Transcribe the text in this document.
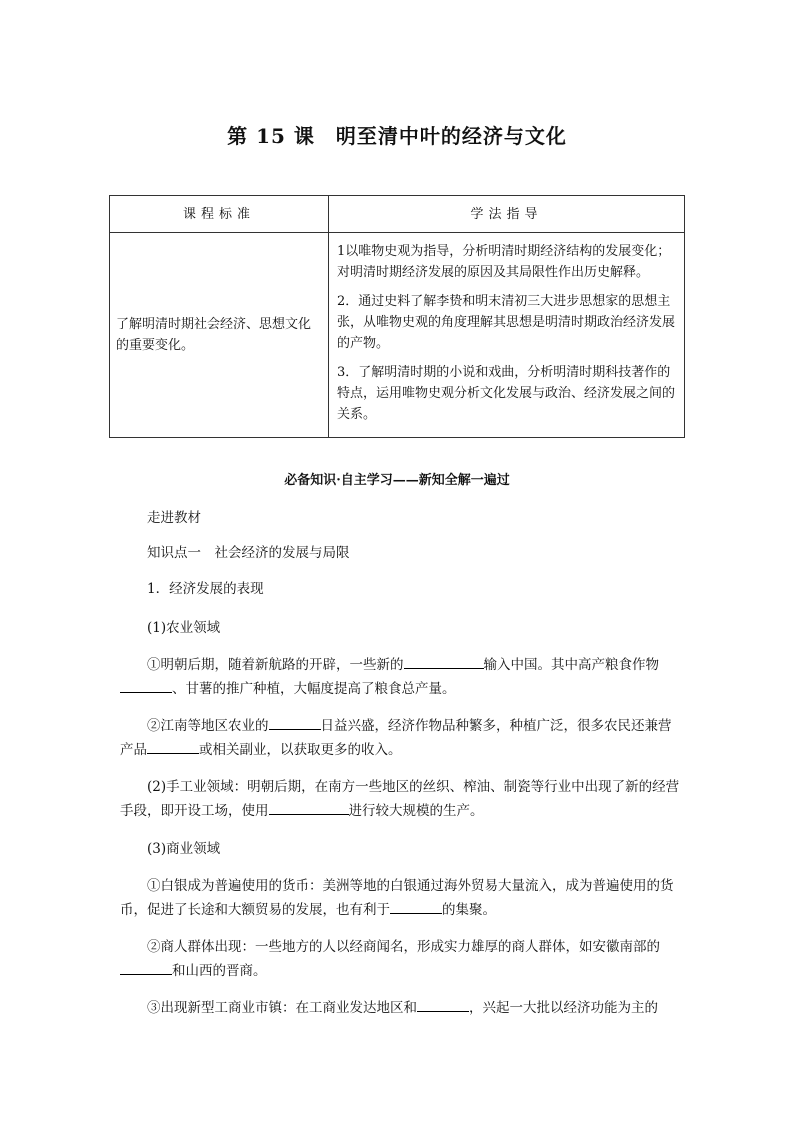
第 15 课　明至清中叶的经济与文化
课程标准	学法指导
了解明清时期社会经济、思想文化的重要变化。	1以唯物史观为指导，分析明清时期经济结构的发展变化；对明清时期经济发展的原因及其局限性作出历史解释。

2．通过史料了解李贽和明末清初三大进步思想家的思想主张，从唯物史观的角度理解其思想是明清时期政治经济发展的产物。

3．了解明清时期的小说和戏曲，分析明清时期科技著作的特点，运用唯物史观分析文化发展与政治、经济发展之间的关系。

必备知识·自主学习——新知全解一遍过
走进教材
知识点一　社会经济的发展与局限
1．经济发展的表现
(1)农业领域
①明朝后期，随着新航路的开辟，一些新的	输入中国。其中高产粮食作物
、甘薯的推广种植，大幅度提高了粮食总产量。
②江南等地区农业的	日益兴盛，经济作物品种繁多，种植广泛，很多农民还兼营产品	或相关副业，以获取更多的收入。
(2)手工业领域：明朝后期，在南方一些地区的丝织、榨油、制瓷等行业中出现了新的经营手段，即开设工场，使用	进行较大规模的生产。
(3)商业领域
①白银成为普遍使用的货币：美洲等地的白银通过海外贸易大量流入，成为普遍使用的货币，促进了长途和大额贸易的发展，也有利于	的集聚。
②商人群体出现：一些地方的人以经商闻名，形成实力雄厚的商人群体，如安徽南部的和山西的晋商。
③出现新型工商业市镇：在工商业发达地区和	，兴起一大批以经济功能为主的
